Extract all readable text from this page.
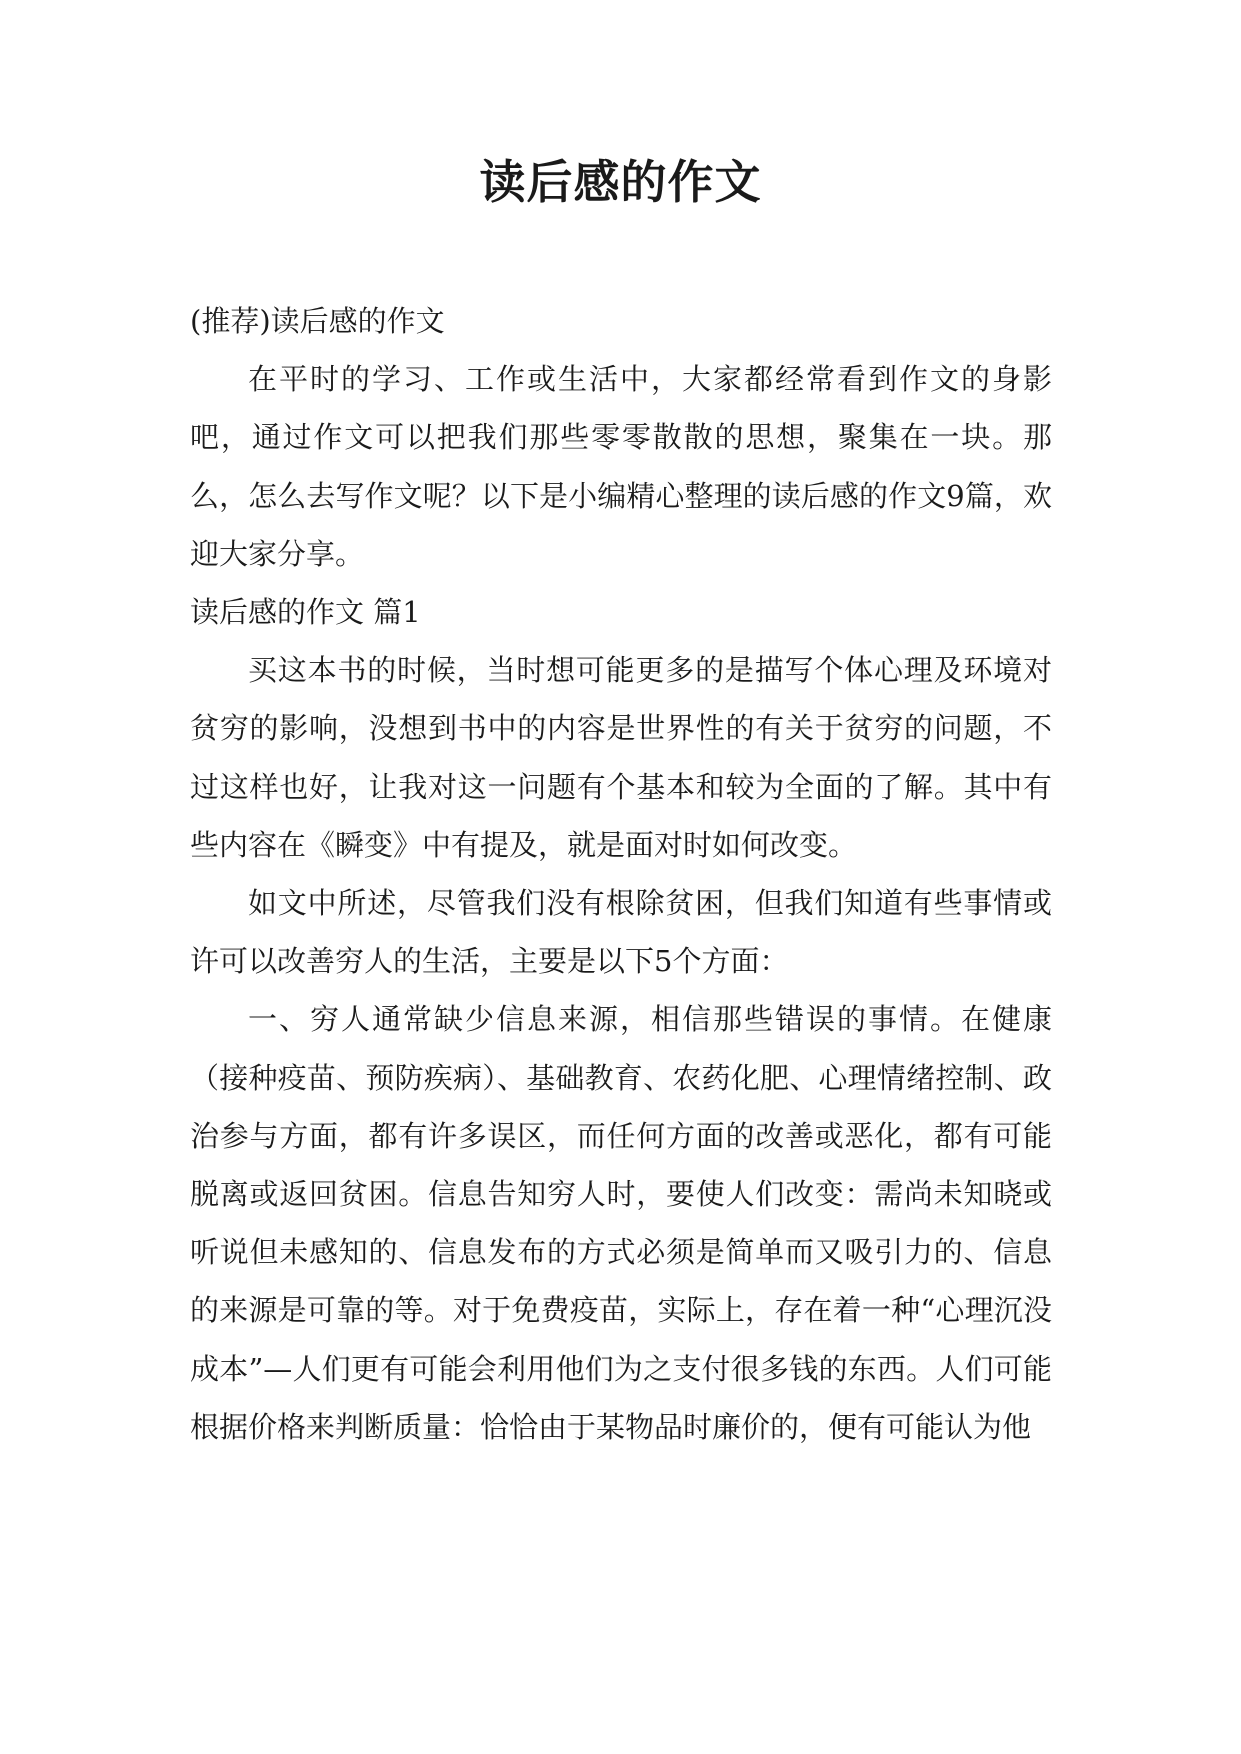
读后感的作文

(推荐)读后感的作文

在平时的学习、工作或生活中，大家都经常看到作文的身影吧，通过作文可以把我们那些零零散散的思想，聚集在一块。那么，怎么去写作文呢？以下是小编精心整理的读后感的作文9篇，欢迎大家分享。

读后感的作文 篇1

买这本书的时候，当时想可能更多的是描写个体心理及环境对贫穷的影响，没想到书中的内容是世界性的有关于贫穷的问题，不过这样也好，让我对这一问题有个基本和较为全面的了解。其中有些内容在《瞬变》中有提及，就是面对时如何改变。

如文中所述，尽管我们没有根除贫困，但我们知道有些事情或许可以改善穷人的生活，主要是以下5个方面：

一、穷人通常缺少信息来源，相信那些错误的事情。在健康（接种疫苗、预防疾病）、基础教育、农药化肥、心理情绪控制、政治参与方面，都有许多误区，而任何方面的改善或恶化，都有可能脱离或返回贫困。信息告知穷人时，要使人们改变：需尚未知晓或听说但未感知的、信息发布的方式必须是简单而又吸引力的、信息的来源是可靠的等。对于免费疫苗，实际上，存在着一种“心理沉没成本”—人们更有可能会利用他们为之支付很多钱的东西。人们可能根据价格来判断质量：恰恰由于某物品时廉价的，便有可能认为他
